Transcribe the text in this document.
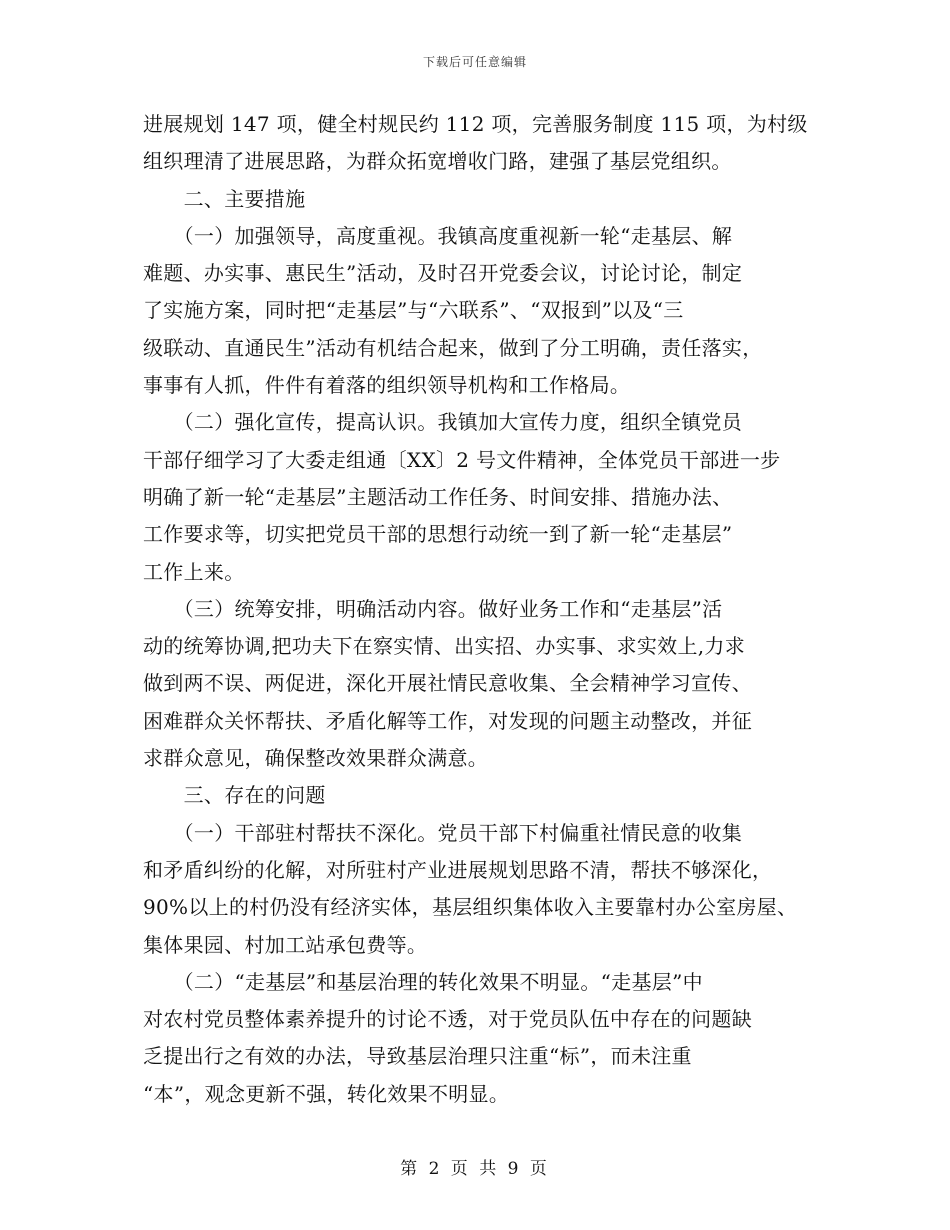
下载后可任意编辑
进展规划 147 项，健全村规民约 112 项，完善服务制度 115 项，为村级
组织理清了进展思路，为群众拓宽增收门路，建强了基层党组织。
　　二、主要措施
　　（一）加强领导，高度重视。我镇高度重视新一轮“走基层、解
难题、办实事、惠民生”活动，及时召开党委会议，讨论讨论，制定
了实施方案，同时把“走基层”与“六联系”、“双报到”以及“三
级联动、直通民生”活动有机结合起来，做到了分工明确，责任落实，
事事有人抓，件件有着落的组织领导机构和工作格局。
　　（二）强化宣传，提高认识。我镇加大宣传力度，组织全镇党员
干部仔细学习了大委走组通〔XX〕2 号文件精神，全体党员干部进一步
明确了新一轮“走基层”主题活动工作任务、时间安排、措施办法、
工作要求等，切实把党员干部的思想行动统一到了新一轮“走基层”
工作上来。
　　（三）统筹安排，明确活动内容。做好业务工作和“走基层”活
动的统筹协调,把功夫下在察实情、出实招、办实事、求实效上,力求
做到两不误、两促进，深化开展社情民意收集、全会精神学习宣传、
困难群众关怀帮扶、矛盾化解等工作，对发现的问题主动整改，并征
求群众意见，确保整改效果群众满意。
　　三、存在的问题
　　（一）干部驻村帮扶不深化。党员干部下村偏重社情民意的收集
和矛盾纠纷的化解，对所驻村产业进展规划思路不清，帮扶不够深化，
90%以上的村仍没有经济实体，基层组织集体收入主要靠村办公室房屋、
集体果园、村加工站承包费等。
　　（二）“走基层”和基层治理的转化效果不明显。“走基层”中
对农村党员整体素养提升的讨论不透，对于党员队伍中存在的问题缺
乏提出行之有效的办法，导致基层治理只注重“标”，而未注重
“本”，观念更新不强，转化效果不明显。
第 2 页 共 9 页
